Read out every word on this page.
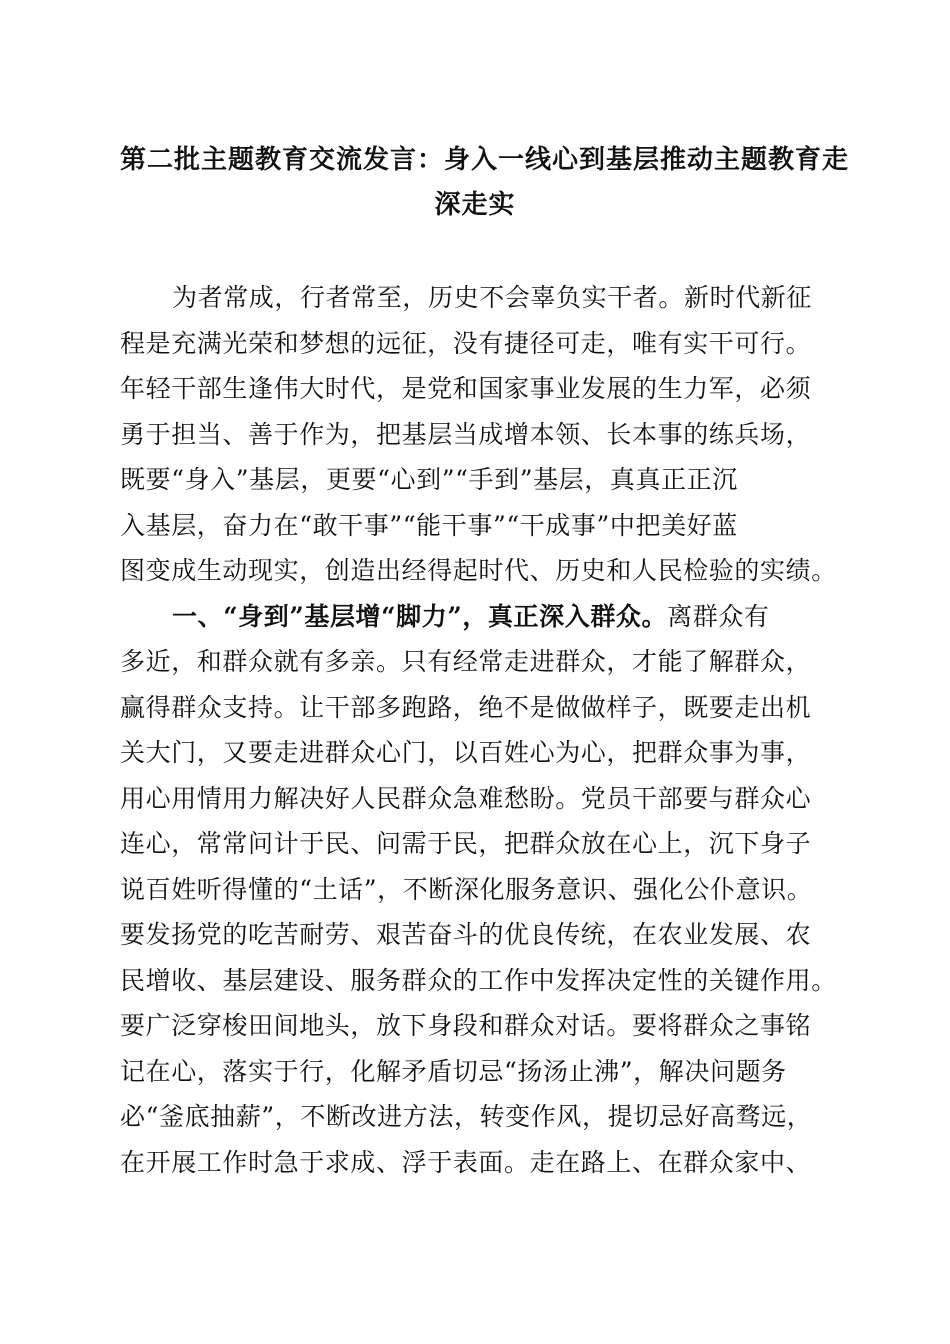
第二批主题教育交流发言：身入一线心到基层推动主题教育走
深走实
为者常成，行者常至，历史不会辜负实干者。新时代新征
程是充满光荣和梦想的远征，没有捷径可走，唯有实干可行。
年轻干部生逢伟大时代，是党和国家事业发展的生力军，必须
勇于担当、善于作为，把基层当成增本领、长本事的练兵场，
既要“身入”基层，更要“心到”“手到”基层，真真正正沉
入基层，奋力在“敢干事”“能干事”“干成事”中把美好蓝
图变成生动现实，创造出经得起时代、历史和人民检验的实绩。
一、“身到”基层增“脚力”，真正深入群众。离群众有
多近，和群众就有多亲。只有经常走进群众，才能了解群众，
赢得群众支持。让干部多跑路，绝不是做做样子，既要走出机
关大门，又要走进群众心门，以百姓心为心，把群众事为事，
用心用情用力解决好人民群众急难愁盼。党员干部要与群众心
连心，常常问计于民、问需于民，把群众放在心上，沉下身子
说百姓听得懂的“土话”，不断深化服务意识、强化公仆意识。
要发扬党的吃苦耐劳、艰苦奋斗的优良传统，在农业发展、农
民增收、基层建设、服务群众的工作中发挥决定性的关键作用。
要广泛穿梭田间地头，放下身段和群众对话。要将群众之事铭
记在心，落实于行，化解矛盾切忌“扬汤止沸”，解决问题务
必“釜底抽薪”，不断改进方法，转变作风，提切忌好高骛远，
在开展工作时急于求成、浮于表面。走在路上、在群众家中、
